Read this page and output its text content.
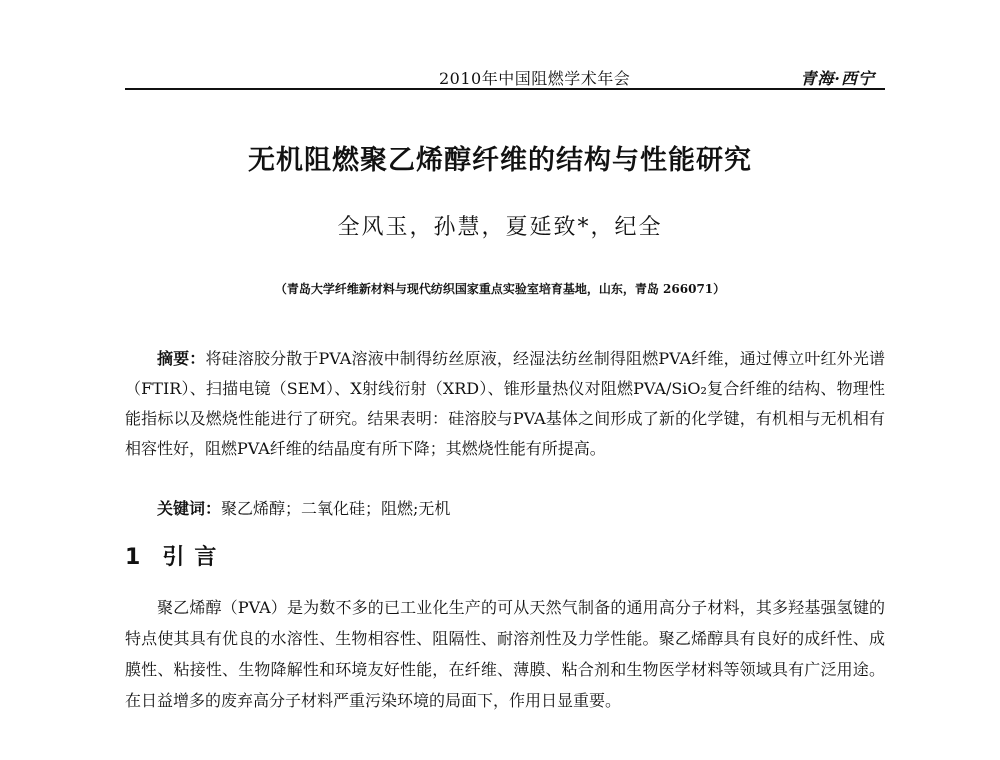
2010年中国阻燃学术年会	青海·西宁
无机阻燃聚乙烯醇纤维的结构与性能研究
全风玉，孙慧，夏延致*，纪全
（青岛大学纤维新材料与现代纺织国家重点实验室培育基地，山东，青岛 266071）

摘要：将硅溶胶分散于PVA溶液中制得纺丝原液，经湿法纺丝制得阻燃PVA纤维，通过傅立叶红外光谱（FTIR）、扫描电镜（SEM）、X射线衍射（XRD）、锥形量热仪对阻燃PVA/SiO₂复合纤维的结构、物理性能指标以及燃烧性能进行了研究。结果表明：硅溶胶与PVA基体之间形成了新的化学键，有机相与无机相有相容性好，阻燃PVA纤维的结晶度有所下降；其燃烧性能有所提高。

关键词：聚乙烯醇；二氧化硅；阻燃;无机

1 引言

聚乙烯醇（PVA）是为数不多的已工业化生产的可从天然气制备的通用高分子材料，其多羟基强氢键的特点使其具有优良的水溶性、生物相容性、阻隔性、耐溶剂性及力学性能。聚乙烯醇具有良好的成纤性、成膜性、粘接性、生物降解性和环境友好性能，在纤维、薄膜、粘合剂和生物医学材料等领域具有广泛用途。在日益增多的废弃高分子材料严重污染环境的局面下，作用日显重要。
